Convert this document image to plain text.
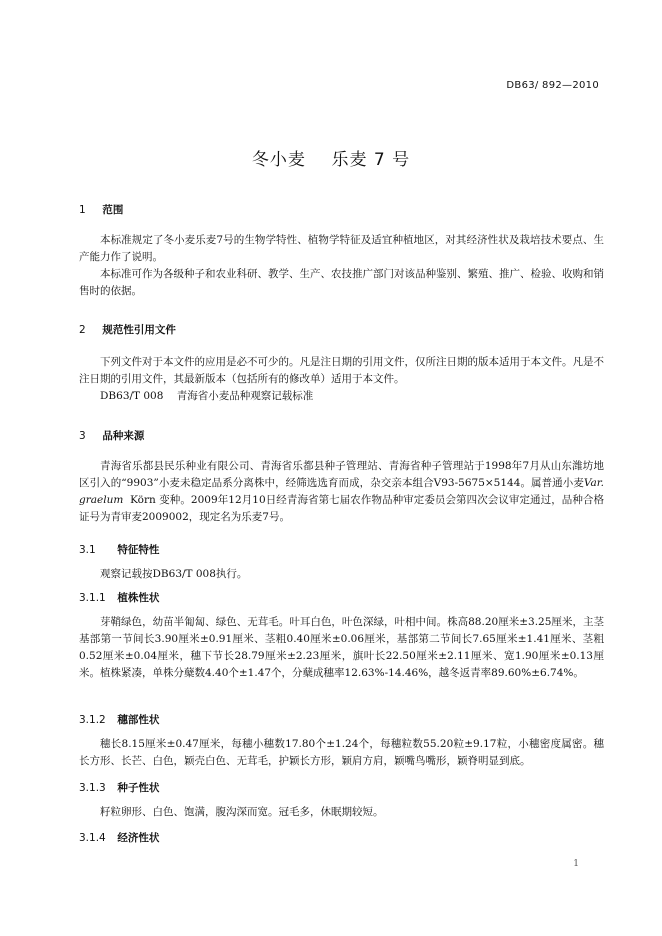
DB63/ 892—2010
冬小麦    乐麦 7 号
1 范围
本标准规定了冬小麦乐麦7号的生物学特性、植物学特征及适宜种植地区，对其经济性状及栽培技术要点、生产能力作了说明。
本标准可作为各级种子和农业科研、教学、生产、农技推广部门对该品种鉴别、繁殖、推广、检验、收购和销售时的依据。
2 规范性引用文件
下列文件对于本文件的应用是必不可少的。凡是注日期的引用文件，仅所注日期的版本适用于本文件。凡是不注日期的引用文件，其最新版本（包括所有的修改单）适用于本文件。
DB63/T 008    青海省小麦品种观察记载标准
3 品种来源
青海省乐都县民乐种业有限公司、青海省乐都县种子管理站、青海省种子管理站于1998年7月从山东潍坊地区引入的“9903”小麦未稳定品系分离株中，经筛选选育而成，杂交亲本组合V93-5675×5144。属普通小麦Var. graelum  Körn 变种。2009年12月10日经青海省第七届农作物品种审定委员会第四次会议审定通过，品种合格证号为青审麦2009002，现定名为乐麦7号。
3.1 特征特性
观察记载按DB63/T 008执行。
3.1.1 植株性状
芽鞘绿色，幼苗半匍匐、绿色、无茸毛。叶耳白色，叶色深绿，叶相中间。株高88.20厘米±3.25厘米，主茎基部第一节间长3.90厘米±0.91厘米、茎粗0.40厘米±0.06厘米，基部第二节间长7.65厘米±1.41厘米、茎粗0.52厘米±0.04厘米，穗下节长28.79厘米±2.23厘米，旗叶长22.50厘米±2.11厘米、宽1.90厘米±0.13厘米。植株紧凑，单株分蘖数4.40个±1.47个，分蘖成穗率12.63%-14.46%，越冬返青率89.60%±6.74%。
3.1.2 穗部性状
穗长8.15厘米±0.47厘米，每穗小穗数17.80个±1.24个，每穗粒数55.20粒±9.17粒，小穗密度属密。穗长方形、长芒、白色，颖壳白色、无茸毛，护颖长方形，颖肩方肩，颖嘴鸟嘴形，颖脊明显到底。
3.1.3 种子性状
籽粒卵形、白色、饱满，腹沟深而宽。冠毛多，休眠期较短。
3.1.4 经济性状
1
